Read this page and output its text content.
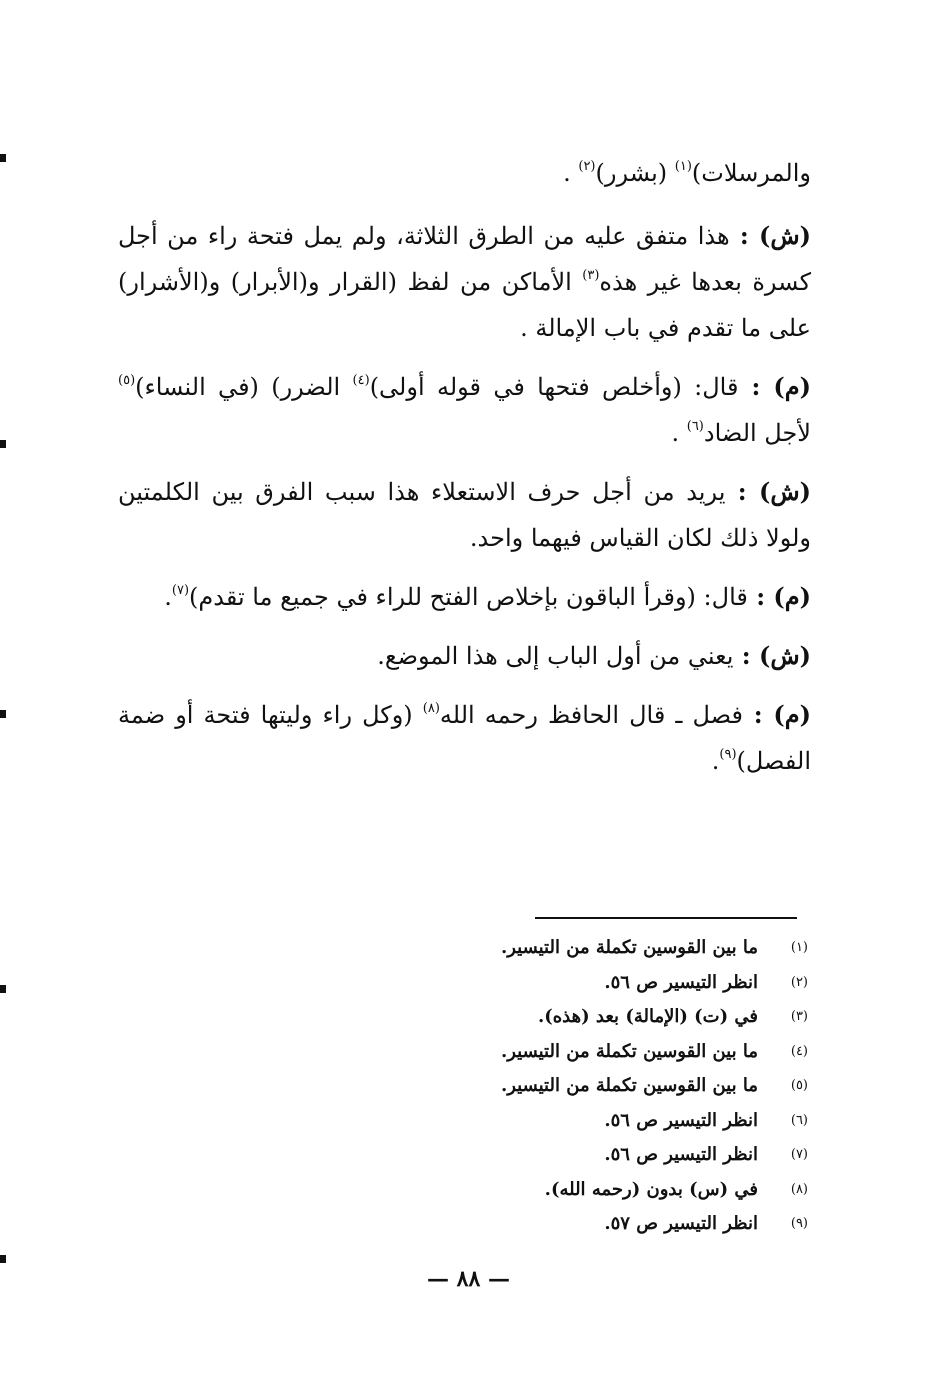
والمرسلات)$^{(١)}$ (بشرر)$^{(٢)}$ .

(ش) : هذا متفق عليه من الطرق الثلاثة، ولم يمل فتحة راء من أجل كسرة بعدها غير هذه$^{(٣)}$ الأماكن من لفظ (القرار و(الأبرار) و(الأشرار) على ما تقدم في باب الإمالة .

(م) : قال: (وأخلص فتحها في قوله أولى)$^{(٤)}$ الضرر) (في النساء)$^{(٥)}$ لأجل الضاد$^{(٦)}$ .

(ش) : يريد من أجل حرف الاستعلاء هذا سبب الفرق بين الكلمتين ولولا ذلك لكان القياس فيهما واحد.

(م) : قال: (وقرأ الباقون بإخلاص الفتح للراء في جميع ما تقدم)$^{(٧)}$.

(ش) : يعني من أول الباب إلى هذا الموضع.

(م) : فصل ـ قال الحافظ رحمه الله$^{(٨)}$ (وكل راء وليتها فتحة أو ضمة الفصل)$^{(٩)}$.

(١)
ما بين القوسين تكملة من التيسير.
(٢)
انظر التيسير ص ٥٦.
(٣)
في (ت) (الإمالة) بعد (هذه).
(٤)
ما بين القوسين تكملة من التيسير.
(٥)
ما بين القوسين تكملة من التيسير.
(٦)
انظر التيسير ص ٥٦.
(٧)
انظر التيسير ص ٥٦.
(٨)
في (س) بدون (رحمه الله).
(٩)
انظر التيسير ص ٥٧.
— ٨٨ —
